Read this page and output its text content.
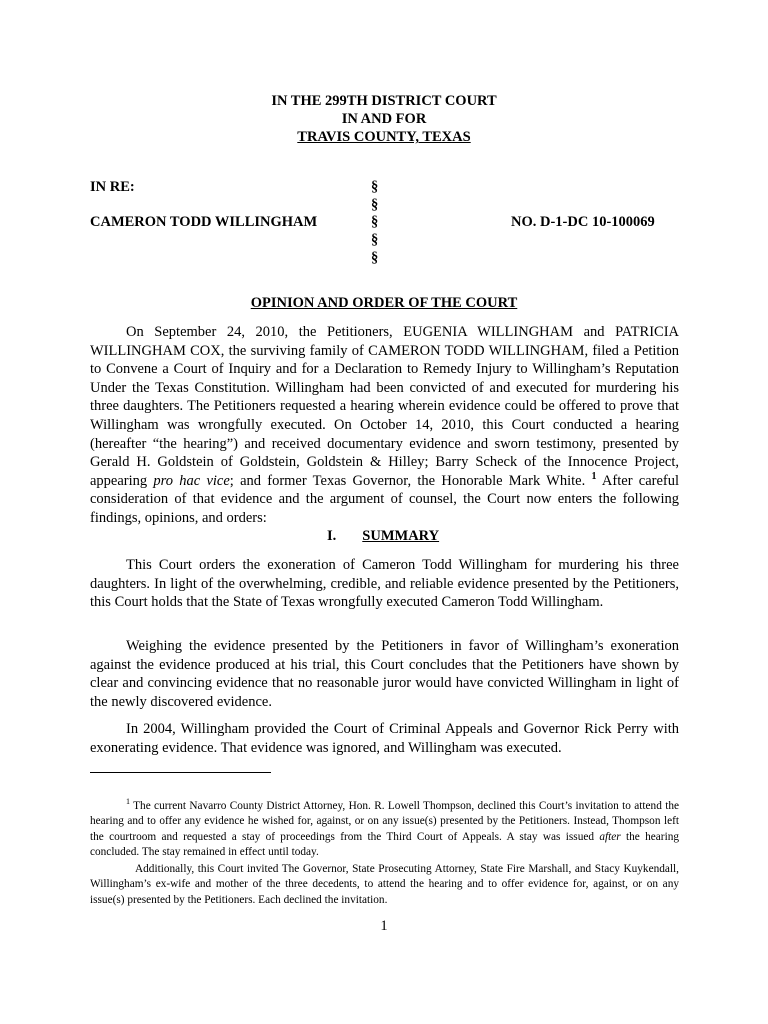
IN THE 299TH DISTRICT COURT
IN AND FOR
TRAVIS COUNTY, TEXAS
IN RE:
CAMERON TODD WILLINGHAM
§
§
§
§
§
NO. D-1-DC 10-100069
OPINION AND ORDER OF THE COURT

On September 24, 2010, the Petitioners, EUGENIA WILLINGHAM and PATRICIA WILLINGHAM COX, the surviving family of CAMERON TODD WILLINGHAM, filed a Petition to Convene a Court of Inquiry and for a Declaration to Remedy Injury to Willingham’s Reputation Under the Texas Constitution. Willingham had been convicted of and executed for murdering his three daughters. The Petitioners requested a hearing wherein evidence could be offered to prove that Willingham was wrongfully executed. On October 14, 2010, this Court conducted a hearing (hereafter “the hearing”) and received documentary evidence and sworn testimony, presented by Gerald H. Goldstein of Goldstein, Goldstein & Hilley; Barry Scheck of the Innocence Project, appearing pro hac vice; and former Texas Governor, the Honorable Mark White. $^1$ After careful consideration of that evidence and the argument of counsel, the Court now enters the following findings, opinions, and orders:

I. SUMMARY

This Court orders the exoneration of Cameron Todd Willingham for murdering his three daughters. In light of the overwhelming, credible, and reliable evidence presented by the Petitioners, this Court holds that the State of Texas wrongfully executed Cameron Todd Willingham.

Weighing the evidence presented by the Petitioners in favor of Willingham’s exoneration against the evidence produced at his trial, this Court concludes that the Petitioners have shown by clear and convincing evidence that no reasonable juror would have convicted Willingham in light of the newly discovered evidence.

In 2004, Willingham provided the Court of Criminal Appeals and Governor Rick Perry with exonerating evidence. That evidence was ignored, and Willingham was executed.

$^1$ The current Navarro County District Attorney, Hon. R. Lowell Thompson, declined this Court’s invitation to attend the hearing and to offer any evidence he wished for, against, or on any issue(s) presented by the Petitioners. Instead, Thompson left the courtroom and requested a stay of proceedings from the Third Court of Appeals. A stay was issued after the hearing concluded. The stay remained in effect until today.

Additionally, this Court invited The Governor, State Prosecuting Attorney, State Fire Marshall, and Stacy Kuykendall, Willingham’s ex-wife and mother of the three decedents, to attend the hearing and to offer evidence for, against, or on any issue(s) presented by the Petitioners. Each declined the invitation.

1
